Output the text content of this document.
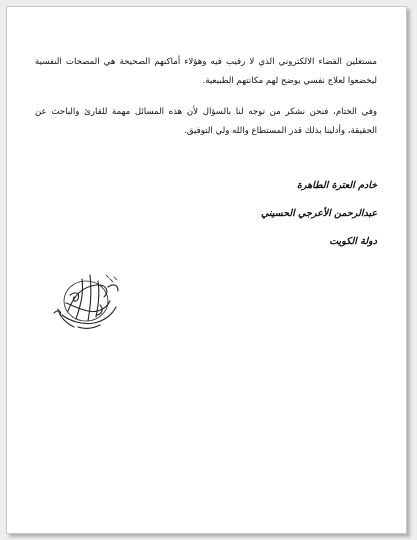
مستغلين الفضاء الالكتروني الذي لا رقيب فيه وهؤلاء أماكنهم الصحيحة هي المصحات النفسية ليخضعوا لعلاج نفسي يوضح لهم مكانتهم الطبيعية.
وفي الختام، فنحن نشكر من توجه لنا بالسؤال لأن هذه المسائل مهمة للقارئ والباحث عن الحقيقة، وأدلينا بذلك قدر المستطاع والله ولي التوفيق.
خادم العترة الطاهرة
عبدالرحمن الأعرجي الحسيني
دولة الكويت
